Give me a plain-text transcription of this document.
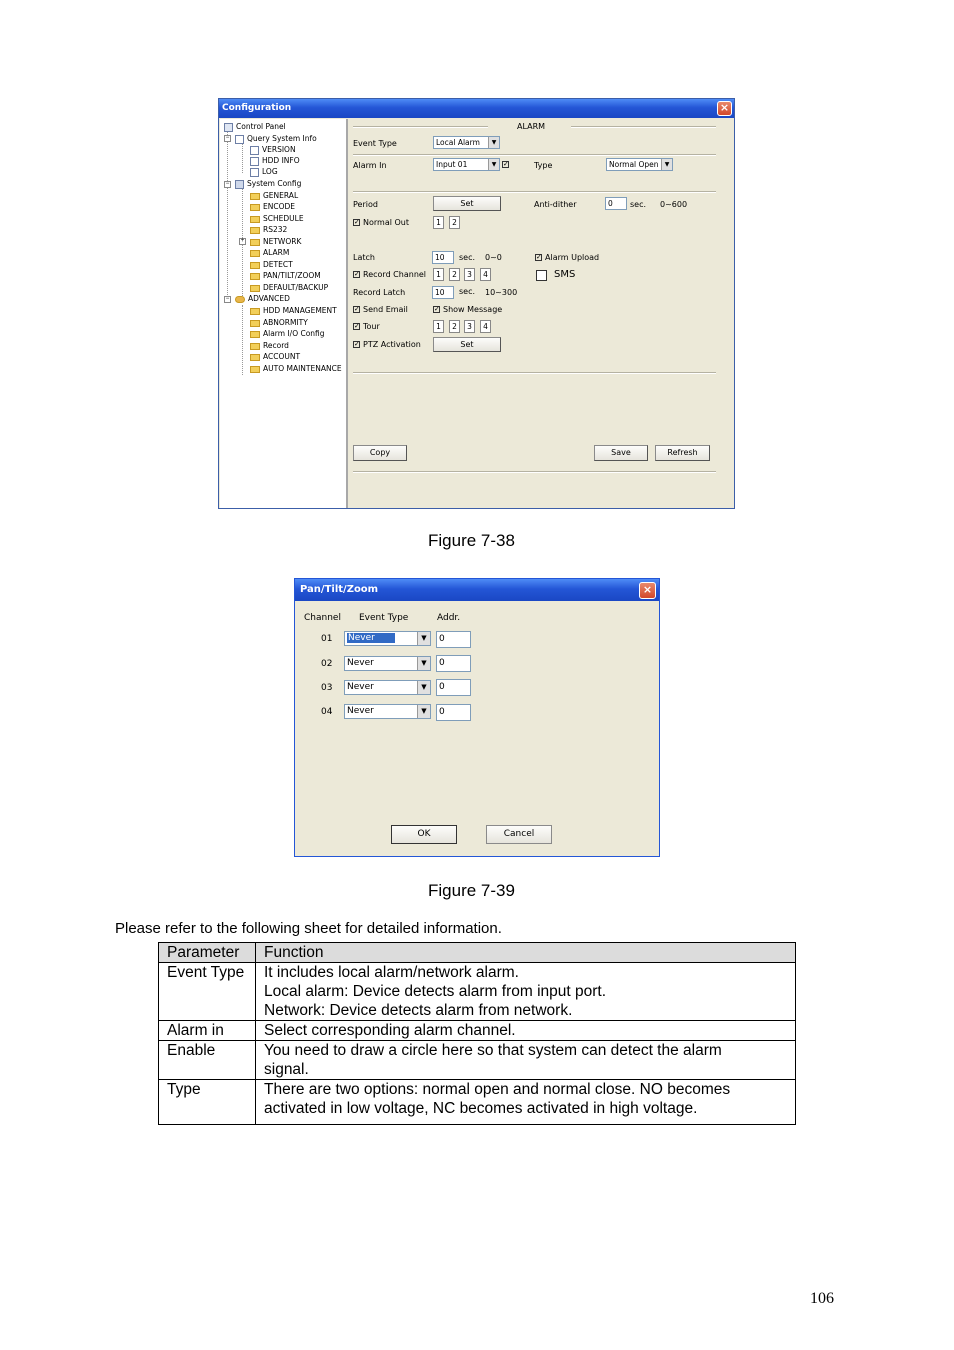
Configuration	×
Control Panel
−	Query System Info
VERSION
HDD INFO
LOG
−	System Config
GENERAL
ENCODE
SCHEDULE
RS232
+	NETWORK
ALARM
DETECT
PAN/TILT/ZOOM
DEFAULT/BACKUP
−	ADVANCED
HDD MANAGEMENT
ABNORMITY
Alarm I/O Config
Record
ACCOUNT
AUTO MAINTENANCE
ALARM
Event Type	Local Alarm	▼
Alarm In	Input 01	▼ ✓	Type	Normal Open	▼
Period	Set	Anti-dither	0	sec. 0~600
✓ Normal Out	1	2
Latch	10	sec. 0~0	✓ Alarm Upload
✓ Record Channel	1	2	3	4	SMS
Record Latch	10	sec. 10~300
✓ Send Email	✓ Show Message
✓ Tour	1	2	3	4
✓ PTZ Activation	Set
Copy	Save	Refresh
Figure 7-38
Pan/Tilt/Zoom	×
Channel Event Type	Addr.
01	Never	▼	0
02	Never	▼	0
03	Never	▼	0
04	Never	▼	0
OK	Cancel
Figure 7-39
Please refer to the following sheet for detailed information.
Parameter	Function
Event Type	It includes local alarm/network alarm.
Local alarm: Device detects alarm from input port.
Network: Device detects alarm from network.

Alarm in	Select corresponding alarm channel.

Enable	You need to draw a circle here so that system can detect the alarm
signal.

Type	There are two options: normal open and normal close. NO becomes
activated in low voltage, NC becomes activated in high voltage.
106
